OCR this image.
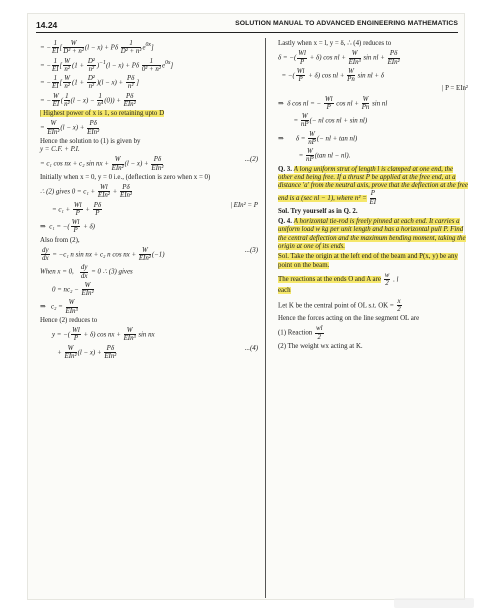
14.24	SOLUTION MANUAL TO ADVANCED ENGINEERING MATHEMATICS
= − $\frac{1}{EI}$ [ $\frac{W}{\text{D² + n²}} (l - x) + P\delta \frac{1}{\text{D² + n²}} e^{0x}$]
= − $\frac{1}{EI}$ [ $\frac{W}{\text{n²}} (1 + \frac{\text{D²}}{\text{n²}} )^{-1}(l - x) + P\delta \frac{1}{\text{0² + n²}} e^{0x}$]
= − $\frac{1}{EI}$ [ $\frac{W}{\text{n²}} (1 + \frac{\text{D²}}{\text{n²}} )(l - x) + \frac{P\delta}{\text{n²}}$ ]
= − $\frac{W}{EI}$ ( $\frac{1}{\text{n²}} (l - x) - \frac{1}{\text{n⁴}} (0)$) +
Pδ
EIn²
| Highest power of x is 1, so retaining upto D
=
W
EIn²
(l − x) +
Pδ
EIn²
Hence the solution to (1) is given by
y = C.F. + P.I.
= c₁ cos nx + c₂ sin nx +
W
EIn²
(l − x) +
Pδ
EIn²
...(2)
Initially when x = 0, y = 0 i.e., (deflection is zero when x = 0)
∴ (2) gives 0 = c₁ +
Wl
EIn²
+
Pδ
EIn²
= $c_1 + \frac{Wl}{P} + \frac{P\delta}{P}$	| EIn² = P
⇒  c₁ = −( $\frac{Wl}{P} + \delta$)
Also from (2),
$\frac{dy}{dx} = -c_1$ n sin nx + c₂ n cos nx +
W
EIn²
(−1)
...(3)
When x = 0, $\frac{dy}{dx} = 0$ ∴ (3) gives
0 = nc₂ −
W
EIn²
⇒   c₂ =
W
EIn³
Hence (2) reduces to
y = −( $\frac{Wl}{P} + \delta$) cos nx +
W
EIn³
sin nx
+
W
EIn²
(l − x) +
Pδ
EIn²
...(4)
Lastly when x = l, y = δ, ∴ (4) reduces to
δ = −( $\frac{Wl}{P} + \delta$) cos nl +
W
EIn³
sin nl +
Pδ
EIn²
= −( $\frac{Wl}{P} + \delta$) cos nl + $\frac{W}{Pn}$ sin nl + δ
| P = EIn²
⇒  δ cos nl = − $\frac{Wl}{P}$ cos nl + $\frac{W}{Pn}$ sin nl
= $\frac{W}{nP}$ (− nl cos nl + sin nl)
⇒       $\delta = \frac{W}{nP}$ (− nl + tan nl)
= $\frac{W}{nP} (\tan$ nl − nl).
Q. 3. A long uniform strut of length l is clamped at one end, the other end being free. If a thrust P be applied at the free end, at a distance 'a' from the neutral axis, prove that the deflection at the free end is a (sec nl − 1), where $n^2 = \frac{P}{EI}$
Sol. Try yourself as in Q. 2.
Q. 4. A horizontal tie-rod is freely pinned at each end. It carries a uniform load w kg per unit length and has a horizontal pull P. Find the central deflection and the maximum bending moment, taking the origin at one of its ends.
Sol. Take the origin at the left end of the beam and P(x, y) be any point on the beam.
The reactions at the ends O and A are $\frac{w}{2}$ . l
each
Let K be the central point of OL s.t. OK = $\frac{x}{2}$
Hence the forces acting on the line segment OL are
(1) Reaction $\frac{wl}{2}$
(2) The weight wx acting at K.
